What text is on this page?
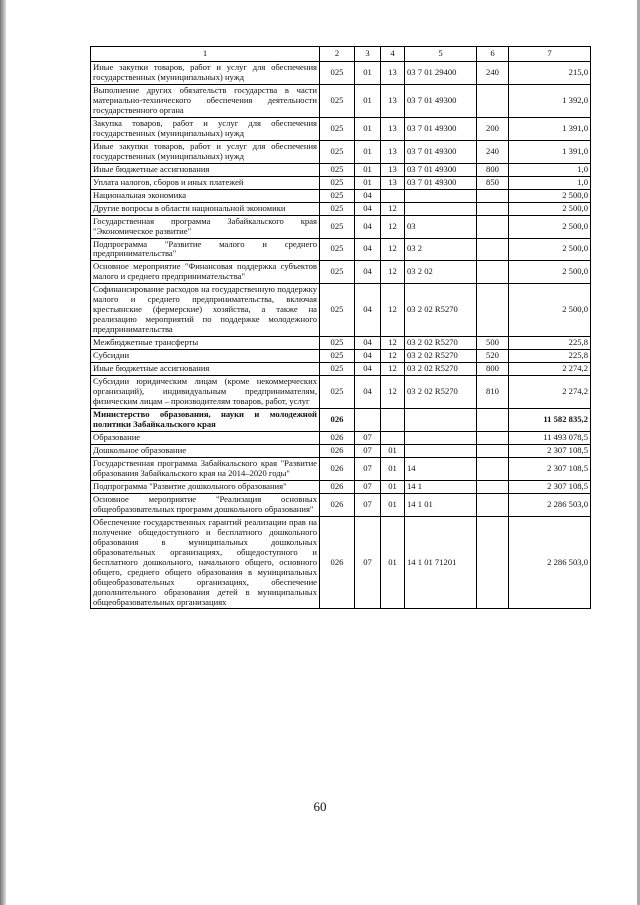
1	2	3	4	5	6	7
Иные закупки товаров, работ и услуг для обеспечения государственных (муниципальных) нужд	025	01	13	03 7 01 29400	240	215,0
Выполнение других обязательств государства в части материально-технического обеспечения деятельности государственного органа	025	01	13	03 7 01 49300		1 392,0
Закупка товаров, работ и услуг для обеспечения государственных (муниципальных) нужд	025	01	13	03 7 01 49300	200	1 391,0
Иные закупки товаров, работ и услуг для обеспечения государственных (муниципальных) нужд	025	01	13	03 7 01 49300	240	1 391,0
Иные бюджетные ассигнования	025	01	13	03 7 01 49300	800	1,0
Уплата налогов, сборов и иных платежей	025	01	13	03 7 01 49300	850	1,0
Национальная экономика	025	04				2 500,0
Другие вопросы в области национальной экономики	025	04	12			2 500,0
Государственная программа Забайкальского края "Экономическое развитие"	025	04	12	03		2 500,0
Подпрограмма "Развитие малого и среднего предпринимательства"	025	04	12	03 2		2 500,0
Основное мероприятие "Финансовая поддержка субъектов малого и среднего предпринимательства"	025	04	12	03 2 02		2 500,0
Софинансирование расходов на государственную поддержку малого и среднего предпринимательства, включая крестьянские (фермерские) хозяйства, а также на реализацию мероприятий по поддержке молодежного предпринимательства	025	04	12	03 2 02 R5270		2 500,0
Межбюджетные трансферты	025	04	12	03 2 02 R5270	500	225,8
Субсидии	025	04	12	03 2 02 R5270	520	225,8
Иные бюджетные ассигнования	025	04	12	03 2 02 R5270	800	2 274,2
Субсидии юридическим лицам (кроме некоммерческих организаций), индивидуальным предпринимателям, физическим лицам – производителям товаров, работ, услуг	025	04	12	03 2 02 R5270	810	2 274,2
Министерство образования, науки и молодежной политики Забайкальского края	026					11 582 835,2
Образование	026	07				11 493 078,5
Дошкольное образование	026	07	01			2 307 108,5
Государственная программа Забайкальского края "Развитие образования Забайкальского края на 2014–2020 годы"	026	07	01	14		2 307 108,5
Подпрограмма "Развитие дошкольного образования"	026	07	01	14 1		2 307 108,5
Основное мероприятие "Реализация основных общеобразовательных программ дошкольного образования"	026	07	01	14 1 01		2 286 503,0
Обеспечение государственных гарантий реализации прав на получение общедоступного и бесплатного дошкольного образования в муниципальных дошкольных образовательных организациях, общедоступного и бесплатного дошкольного, начального общего, основного общего, среднего общего образования в муниципальных общеобразовательных организациях, обеспечение дополнительного образования детей в муниципальных общеобразовательных организациях	026	07	01	14 1 01 71201		2 286 503,0
60
